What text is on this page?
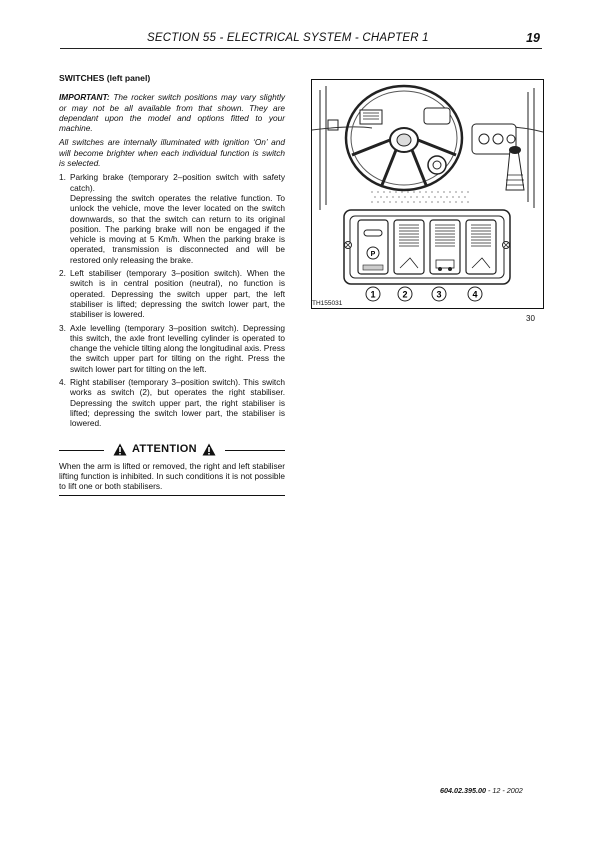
SECTION 55 - ELECTRICAL SYSTEM - CHAPTER 1	19
SWITCHES (left panel)

IMPORTANT: The rocker switch positions may vary slightly or may not be all available from that shown. They are dependant upon the model and options fitted to your machine.

All switches are internally illuminated with ignition ‘On’ and will become brighter when each individual function is switch is selected.

1. Parking brake (temporary 2–position switch with safety catch).
Depressing the switch operates the relative function. To unlock the vehicle, move the lever located on the switch downwards, so that the switch can return to its original position. The parking brake will non be engaged if the vehicle is moving at 5 Km/h. When the parking brake is operated, transmission is disconnected and will be restored only releasing the brake.
2. Left stabiliser (temporary 3–position switch). When the switch is in central position (neutral), no function is operated. Depressing the switch upper part, the left stabiliser is lifted; depressing the switch lower part, the stabiliser is lowered.
3. Axle levelling (temporary 3–position switch). Depressing this switch, the axle front levelling cylinder is operated to change the vehicle tilting along the longitudinal axis. Press the switch upper part for tilting on the right. Press the switch lower part for tilting on the left.
4. Right stabiliser (temporary 3–position switch). This switch works as switch (2), but operates the right stabiliser. Depressing the switch upper part, the right stabiliser is lifted; depressing the switch lower part, the stabiliser is lowered.
ATTENTION
When the arm is lifted or removed, the right and left stabiliser lifting function is inhibited. In such conditions it is not possible to lift one or both stabilisers.
1	2	3	4
P
TH155031
30
604.02.395.00 - 12 - 2002
